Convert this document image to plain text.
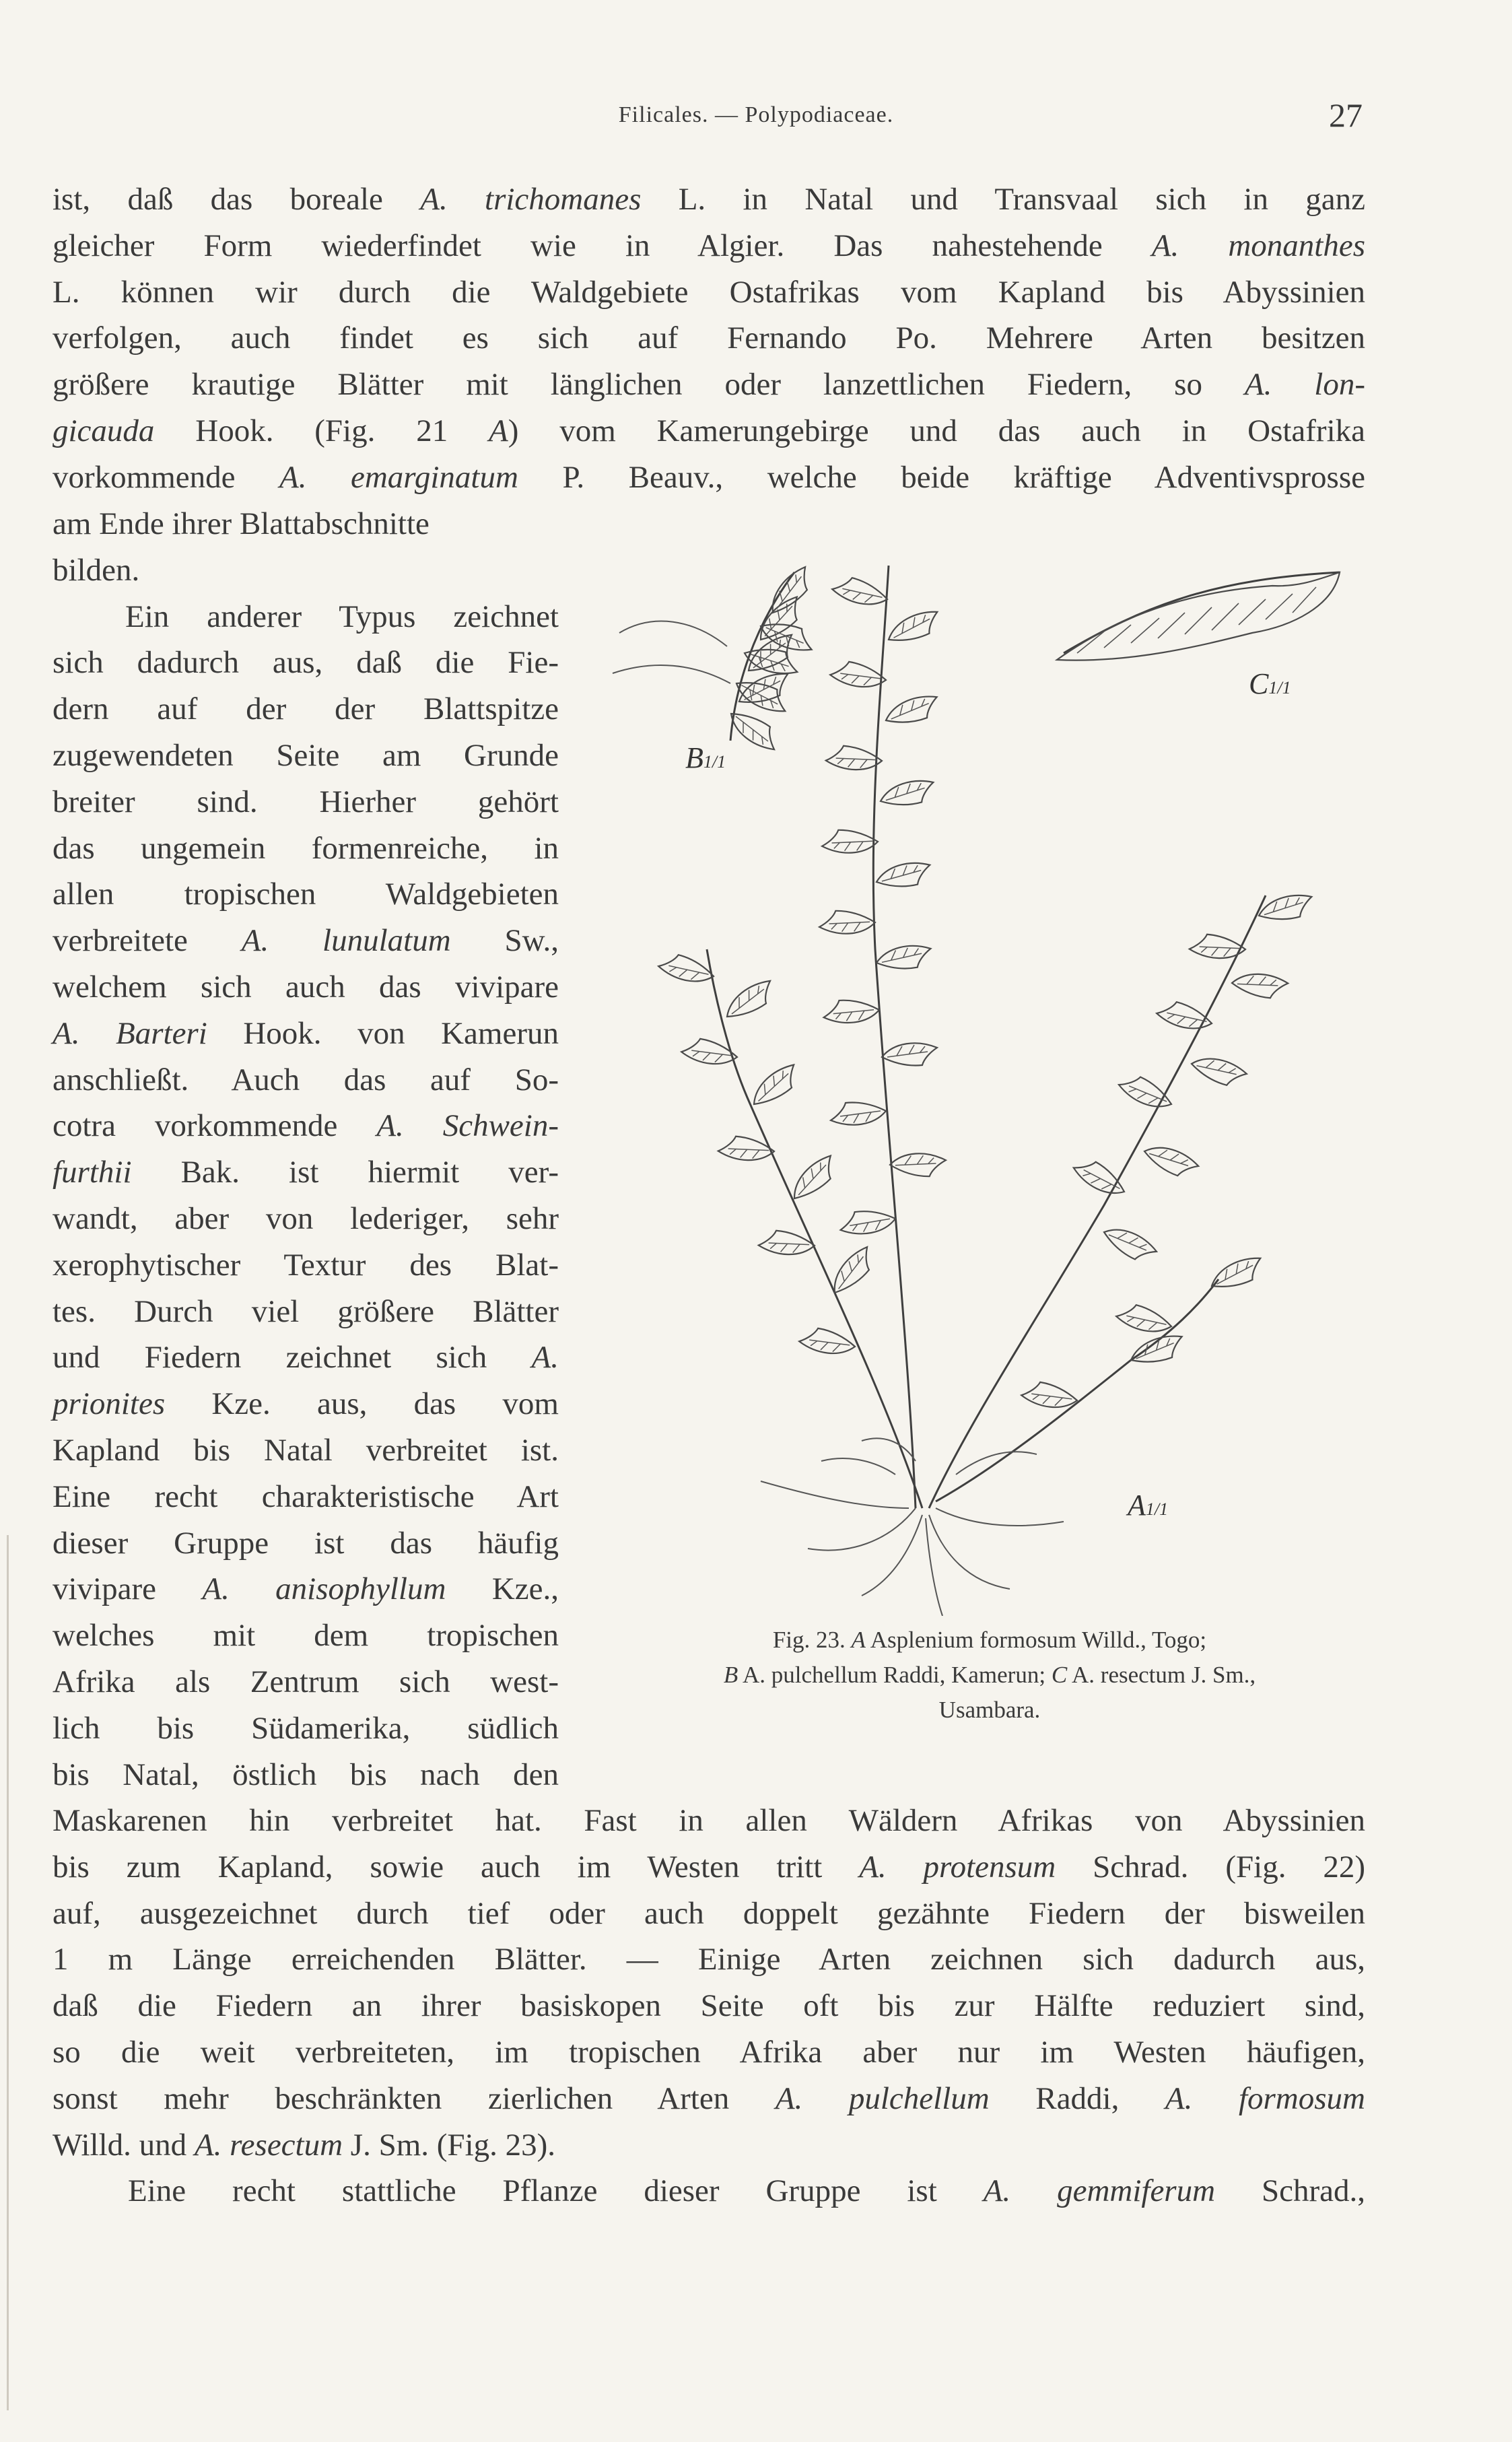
Filicales. — Polypodiaceae.	27
ist, daß das boreale A. trichomanes L. in Natal und Transvaal sich in ganz
gleicher Form wiederfindet wie in Algier. Das nahestehende A. monanthes
L. können wir durch die Waldgebiete Ostafrikas vom Kapland bis Abyssinien
verfolgen, auch findet es sich auf Fernando Po. Mehrere Arten besitzen
größere krautige Blätter mit länglichen oder lanzettlichen Fiedern, so A. lon-
gicauda Hook. (Fig. 21 A) vom Kamerungebirge und das auch in Ostafrika
vorkommende A. emarginatum P. Beauv., welche beide kräftige Adventivsprosse
am Ende ihrer Blattabschnitte
bilden.
Ein anderer Typus zeichnet
sich dadurch aus, daß die Fie-
dern auf der der Blattspitze
zugewendeten Seite am Grunde
breiter sind. Hierher gehört
das ungemein formenreiche, in
allen tropischen Waldgebieten
verbreitete A. lunulatum Sw.,
welchem sich auch das vivipare
A. Barteri Hook. von Kamerun
anschließt. Auch das auf So-
cotra vorkommende A. Schwein-
furthii Bak. ist hiermit ver-
wandt, aber von lederiger, sehr
xerophytischer Textur des Blat-
tes. Durch viel größere Blätter
und Fiedern zeichnet sich A.
prionites Kze. aus, das vom
Kapland bis Natal verbreitet ist.
Eine recht charakteristische Art
dieser Gruppe ist das häufig
vivipare A. anisophyllum Kze.,
welches mit dem tropischen
Afrika als Zentrum sich west-
lich bis Südamerika, südlich
bis Natal, östlich bis nach den
B1/1
C1/1
A1/1
Fig. 23. A Asplenium formosum Willd., Togo;
B A. pulchellum Raddi, Kamerun; C A. resectum J. Sm.,
Usambara.
Maskarenen hin verbreitet hat. Fast in allen Wäldern Afrikas von Abyssinien
bis zum Kapland, sowie auch im Westen tritt A. protensum Schrad. (Fig. 22)
auf, ausgezeichnet durch tief oder auch doppelt gezähnte Fiedern der bisweilen
1 m Länge erreichenden Blätter. — Einige Arten zeichnen sich dadurch aus,
daß die Fiedern an ihrer basiskopen Seite oft bis zur Hälfte reduziert sind,
so die weit verbreiteten, im tropischen Afrika aber nur im Westen häufigen,
sonst mehr beschränkten zierlichen Arten A. pulchellum Raddi, A. formosum
Willd. und A. resectum J. Sm. (Fig. 23).
Eine recht stattliche Pflanze dieser Gruppe ist A. gemmiferum Schrad.,
